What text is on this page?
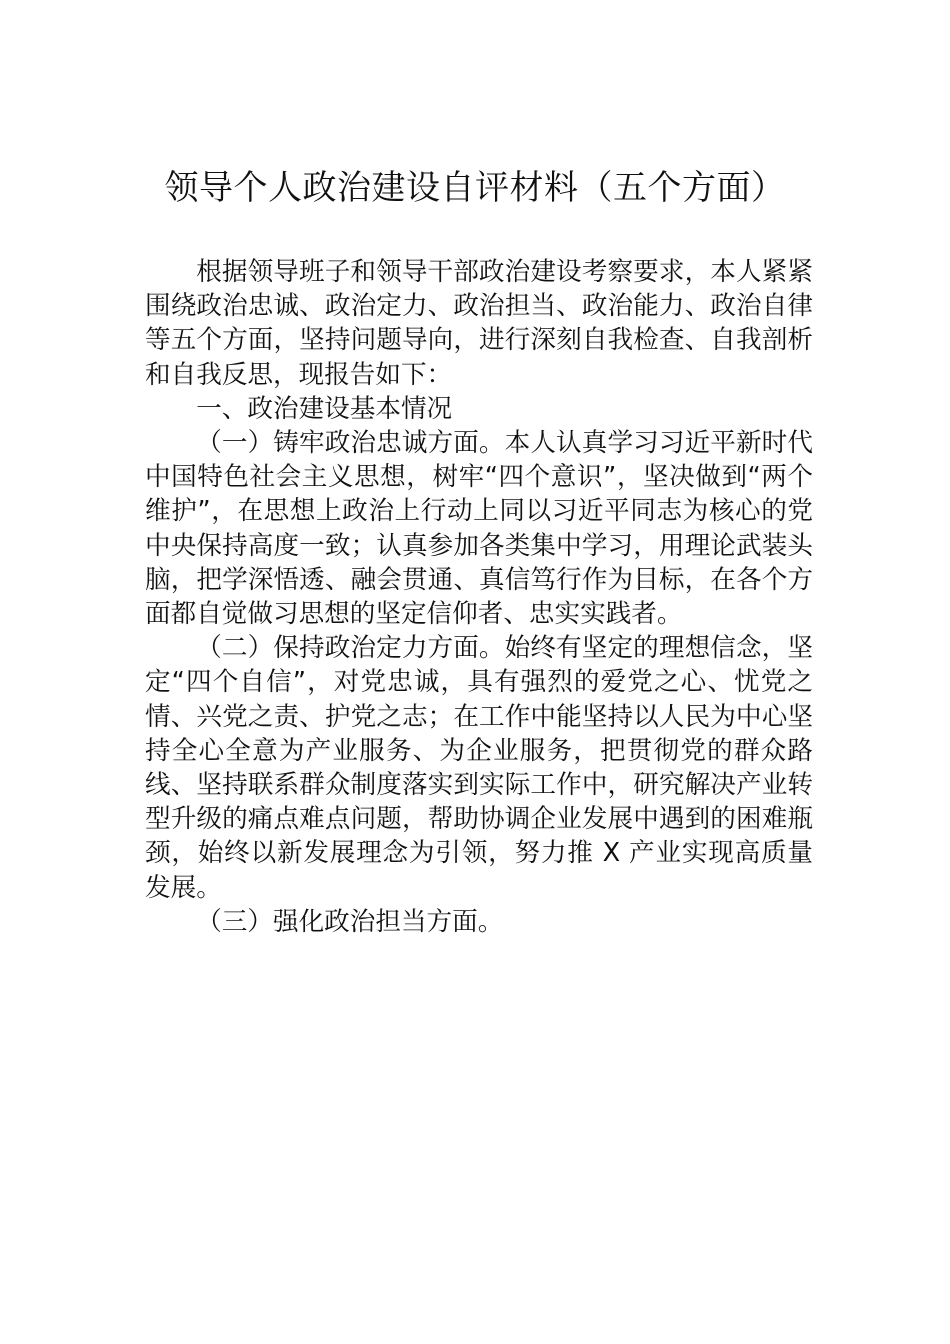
领导个人政治建设自评材料（五个方面）

根据领导班子和领导干部政治建设考察要求，本人紧紧围绕政治忠诚、政治定力、政治担当、政治能力、政治自律等五个方面，坚持问题导向，进行深刻自我检查、自我剖析和自我反思，现报告如下：

一、政治建设基本情况

（一）铸牢政治忠诚方面。本人认真学习习近平新时代中国特色社会主义思想，树牢“四个意识”，坚决做到“两个维护”，在思想上政治上行动上同以习近平同志为核心的党中央保持高度一致；认真参加各类集中学习，用理论武装头脑，把学深悟透、融会贯通、真信笃行作为目标，在各个方面都自觉做习思想的坚定信仰者、忠实实践者。

（二）保持政治定力方面。始终有坚定的理想信念，坚定“四个自信”，对党忠诚，具有强烈的爱党之心、忧党之情、兴党之责、护党之志；在工作中能坚持以人民为中心坚持全心全意为产业服务、为企业服务，把贯彻党的群众路线、坚持联系群众制度落实到实际工作中，研究解决产业转型升级的痛点难点问题，帮助协调企业发展中遇到的困难瓶颈，始终以新发展理念为引领，努力推 X 产业实现高质量发展。

（三）强化政治担当方面。
